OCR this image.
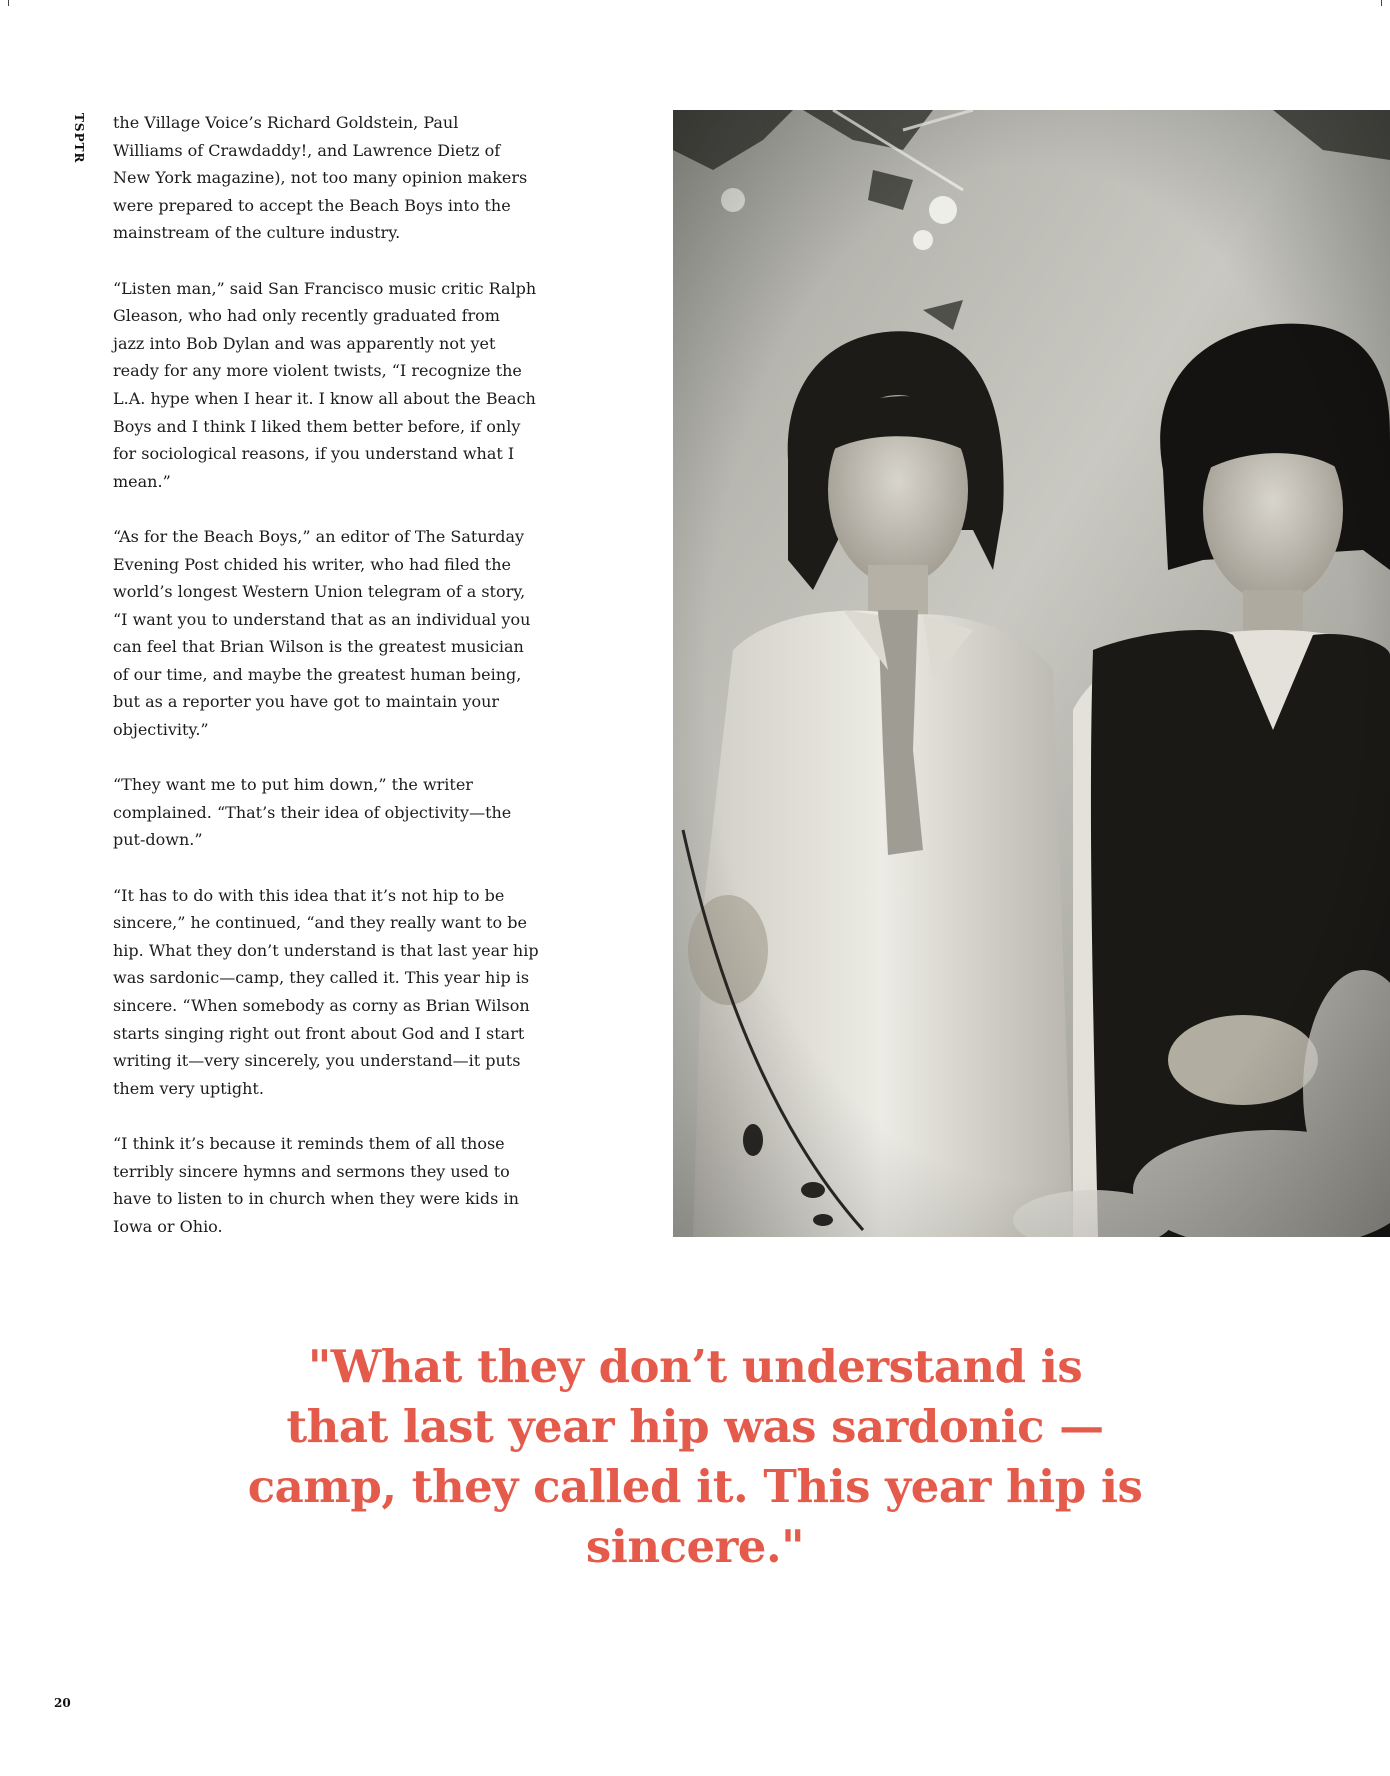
TSPTR the Village Voice’s Richard Goldstein, Paul
Williams of Crawdaddy!, and Lawrence Dietz of
New York magazine), not too many opinion makers
were prepared to accept the Beach Boys into the
mainstream of the culture industry.

“Listen man,” said San Francisco music critic Ralph
Gleason, who had only recently graduated from
jazz into Bob Dylan and was apparently not yet
ready for any more violent twists, “I recognize the
L.A. hype when I hear it. I know all about the Beach
Boys and I think I liked them better before, if only
for sociological reasons, if you understand what I
mean.”

“As for the Beach Boys,” an editor of The Saturday
Evening Post chided his writer, who had filed the
world’s longest Western Union telegram of a story,
“I want you to understand that as an individual you
can feel that Brian Wilson is the greatest musician
of our time, and maybe the greatest human being,
but as a reporter you have got to maintain your
objectivity.”

“They want me to put him down,” the writer
complained. “That’s their idea of objectivity—the
put-down.”

“It has to do with this idea that it’s not hip to be
sincere,” he continued, “and they really want to be
hip. What they don’t understand is that last year hip
was sardonic—camp, they called it. This year hip is
sincere. “When somebody as corny as Brian Wilson
starts singing right out front about God and I start
writing it—very sincerely, you understand—it puts
them very uptight.

“I think it’s because it reminds them of all those
terribly sincere hymns and sermons they used to
have to listen to in church when they were kids in
Iowa or Ohio.

"What they don’t understand is
that last year hip was sardonic —
camp, they called it. This year hip is
sincere."
20
